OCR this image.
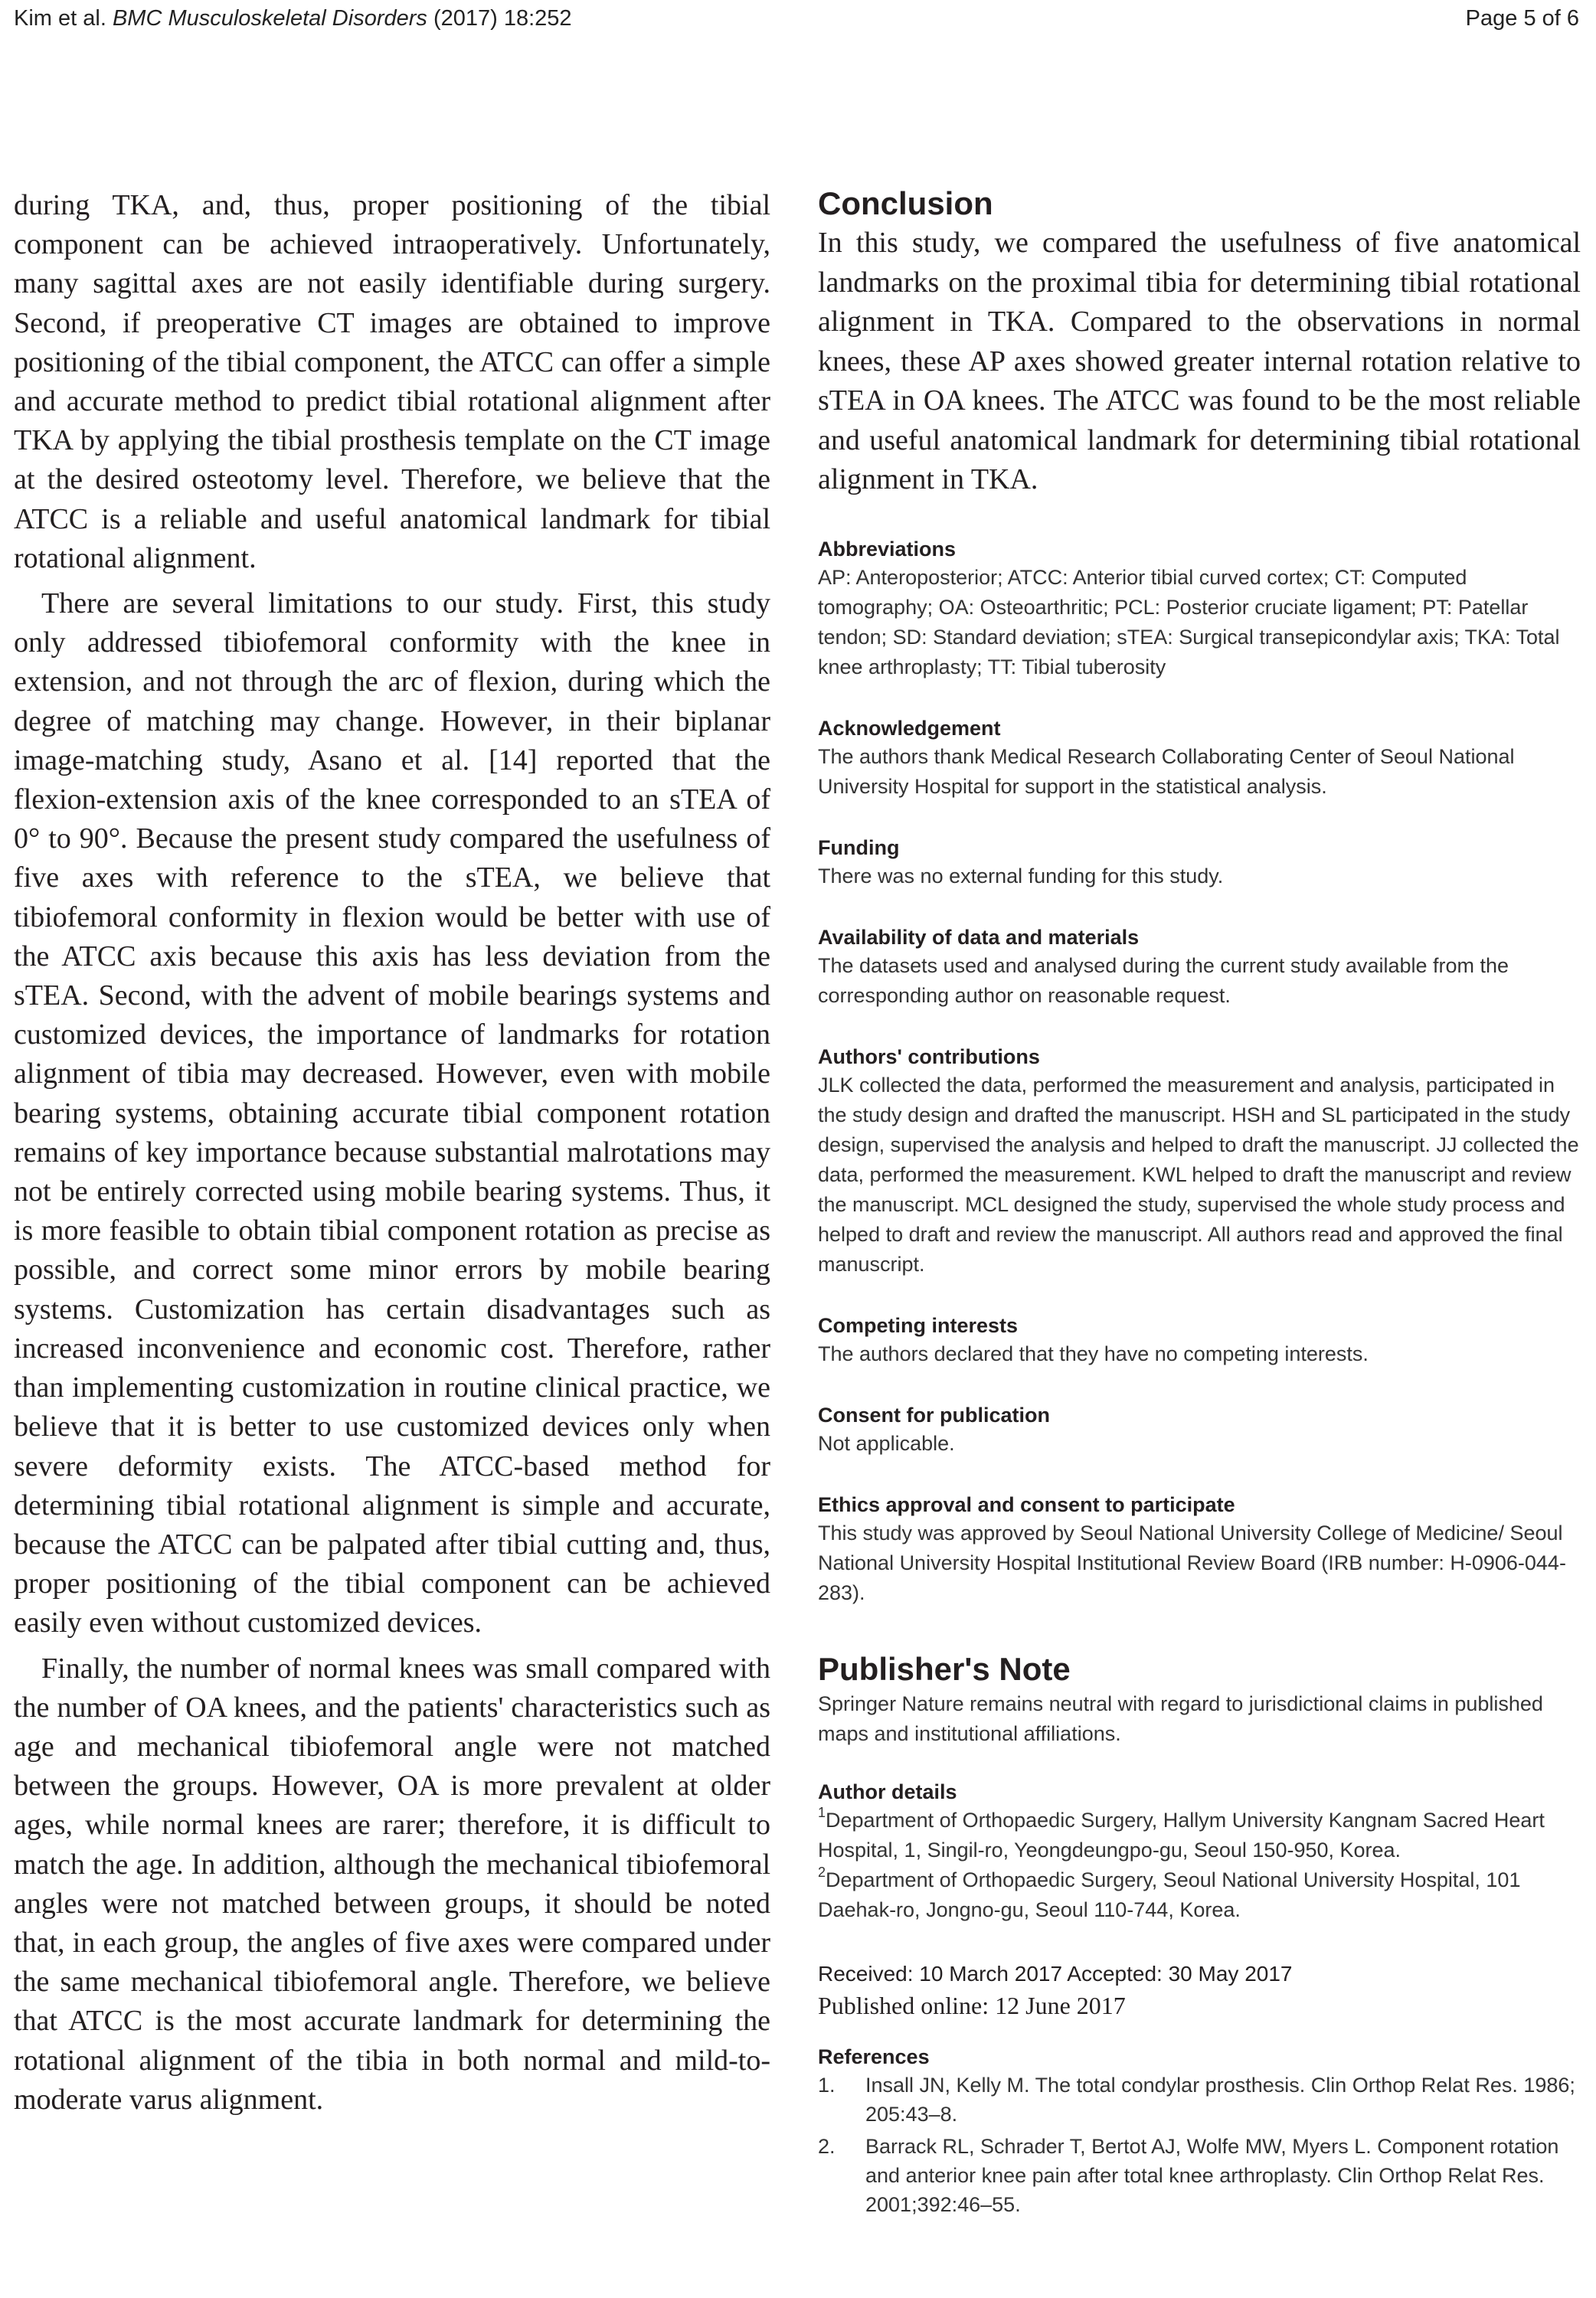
Kim et al. BMC Musculoskeletal Disorders (2017) 18:252	Page 5 of 6

during TKA, and, thus, proper positioning of the tibial component can be achieved intraoperatively. Unfortunately, many sagittal axes are not easily identifiable during surgery. Second, if preoperative CT images are obtained to improve positioning of the tibial component, the ATCC can offer a simple and accurate method to predict tibial rotational alignment after TKA by applying the tibial prosthesis template on the CT image at the desired osteotomy level. Therefore, we believe that the ATCC is a reliable and useful anatomical landmark for tibial rotational alignment.

There are several limitations to our study. First, this study only addressed tibiofemoral conformity with the knee in extension, and not through the arc of flexion, during which the degree of matching may change. However, in their biplanar image-matching study, Asano et al. [14] reported that the flexion-extension axis of the knee corresponded to an sTEA of 0° to 90°. Because the present study compared the usefulness of five axes with reference to the sTEA, we believe that tibiofemoral conformity in flexion would be better with use of the ATCC axis because this axis has less deviation from the sTEA. Second, with the advent of mobile bearings systems and customized devices, the importance of landmarks for rotation alignment of tibia may decreased. However, even with mobile bearing systems, obtaining accurate tibial component rotation remains of key importance because substantial malrotations may not be entirely corrected using mobile bearing systems. Thus, it is more feasible to obtain tibial component rotation as precise as possible, and correct some minor errors by mobile bearing systems. Customization has certain disadvantages such as increased inconvenience and economic cost. Therefore, rather than implementing customization in routine clinical practice, we believe that it is better to use customized devices only when severe deformity exists. The ATCC-based method for determining tibial rotational alignment is simple and accurate, because the ATCC can be palpated after tibial cutting and, thus, proper positioning of the tibial component can be achieved easily even without customized devices.

Finally, the number of normal knees was small compared with the number of OA knees, and the patients' characteristics such as age and mechanical tibiofemoral angle were not matched between the groups. However, OA is more prevalent at older ages, while normal knees are rarer; therefore, it is difficult to match the age. In addition, although the mechanical tibiofemoral angles were not matched between groups, it should be noted that, in each group, the angles of five axes were compared under the same mechanical tibiofemoral angle. Therefore, we believe that ATCC is the most accurate landmark for determining the rotational alignment of the tibia in both normal and mild-to-moderate varus alignment.

Conclusion

In this study, we compared the usefulness of five anatomical landmarks on the proximal tibia for determining tibial rotational alignment in TKA. Compared to the observations in normal knees, these AP axes showed greater internal rotation relative to sTEA in OA knees. The ATCC was found to be the most reliable and useful anatomical landmark for determining tibial rotational alignment in TKA.

Abbreviations

AP: Anteroposterior; ATCC: Anterior tibial curved cortex; CT: Computed tomography; OA: Osteoarthritic; PCL: Posterior cruciate ligament; PT: Patellar tendon; SD: Standard deviation; sTEA: Surgical transepicondylar axis; TKA: Total knee arthroplasty; TT: Tibial tuberosity

Acknowledgement

The authors thank Medical Research Collaborating Center of Seoul National University Hospital for support in the statistical analysis.

Funding

There was no external funding for this study.

Availability of data and materials

The datasets used and analysed during the current study available from the corresponding author on reasonable request.

Authors' contributions

JLK collected the data, performed the measurement and analysis, participated in the study design and drafted the manuscript. HSH and SL participated in the study design, supervised the analysis and helped to draft the manuscript. JJ collected the data, performed the measurement. KWL helped to draft the manuscript and review the manuscript. MCL designed the study, supervised the whole study process and helped to draft and review the manuscript. All authors read and approved the final manuscript.

Competing interests

The authors declared that they have no competing interests.

Consent for publication

Not applicable.

Ethics approval and consent to participate

This study was approved by Seoul National University College of Medicine/ Seoul National University Hospital Institutional Review Board (IRB number: H-0906-044-283).

Publisher's Note

Springer Nature remains neutral with regard to jurisdictional claims in published maps and institutional affiliations.

Author details

$^1$Department of Orthopaedic Surgery, Hallym University Kangnam Sacred Heart Hospital, 1, Singil-ro, Yeongdeungpo-gu, Seoul 150-950, Korea.

$^2$Department of Orthopaedic Surgery, Seoul National University Hospital, 101 Daehak-ro, Jongno-gu, Seoul 110-744, Korea.

Received: 10 March 2017 Accepted: 30 May 2017
Published online: 12 June 2017
References
1. Insall JN, Kelly M. The total condylar prosthesis. Clin Orthop Relat Res. 1986; 205:43–8.
2. Barrack RL, Schrader T, Bertot AJ, Wolfe MW, Myers L. Component rotation and anterior knee pain after total knee arthroplasty. Clin Orthop Relat Res. 2001;392:46–55.
